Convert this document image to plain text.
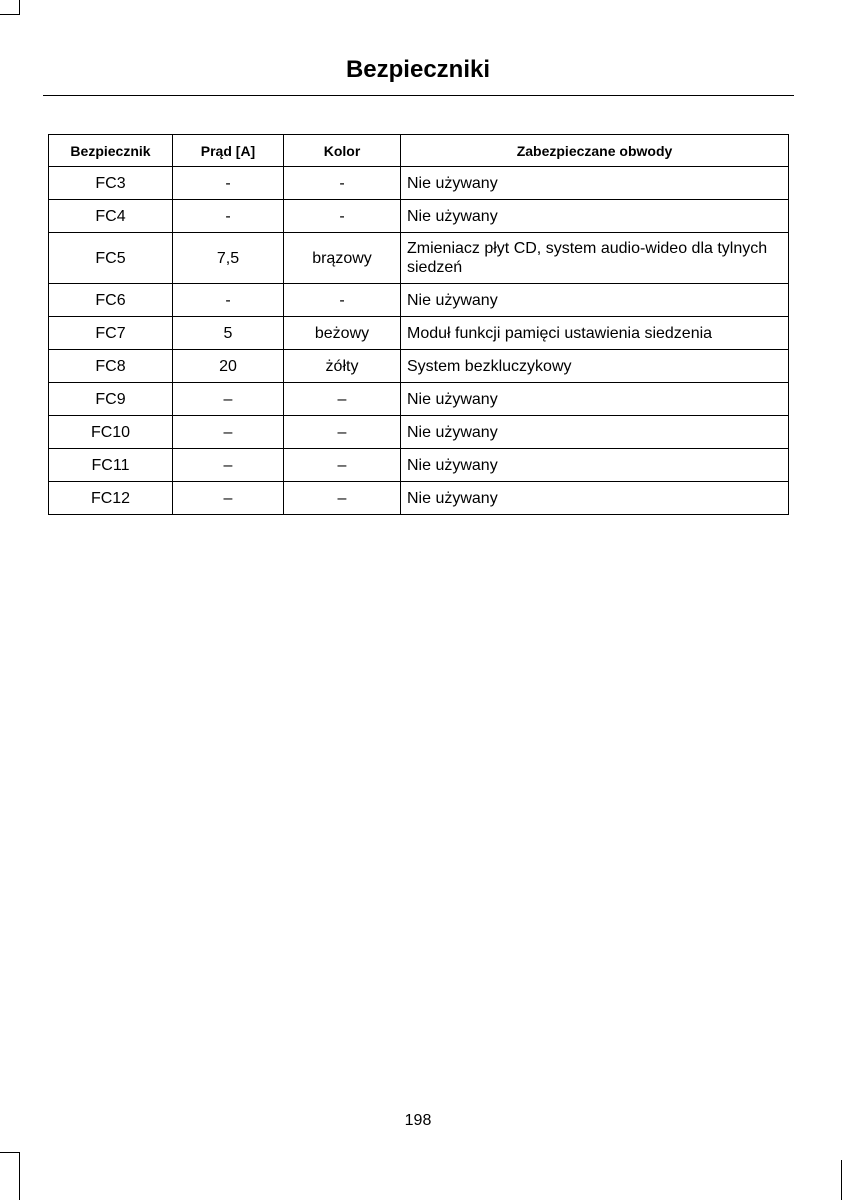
Bezpieczniki
Bezpiecznik	Prąd [A]	Kolor	Zabezpieczane obwody
FC3	-	-	Nie używany
FC4	-	-	Nie używany
FC5	7,5	brązowy	Zmieniacz płyt CD, system audio-wideo dla tylnych siedzeń
FC6	-	-	Nie używany
FC7	5	beżowy	Moduł funkcji pamięci ustawienia siedzenia
FC8	20	żółty	System bezkluczykowy
FC9	–	–	Nie używany
FC10	–	–	Nie używany
FC11	–	–	Nie używany
FC12	–	–	Nie używany
198
